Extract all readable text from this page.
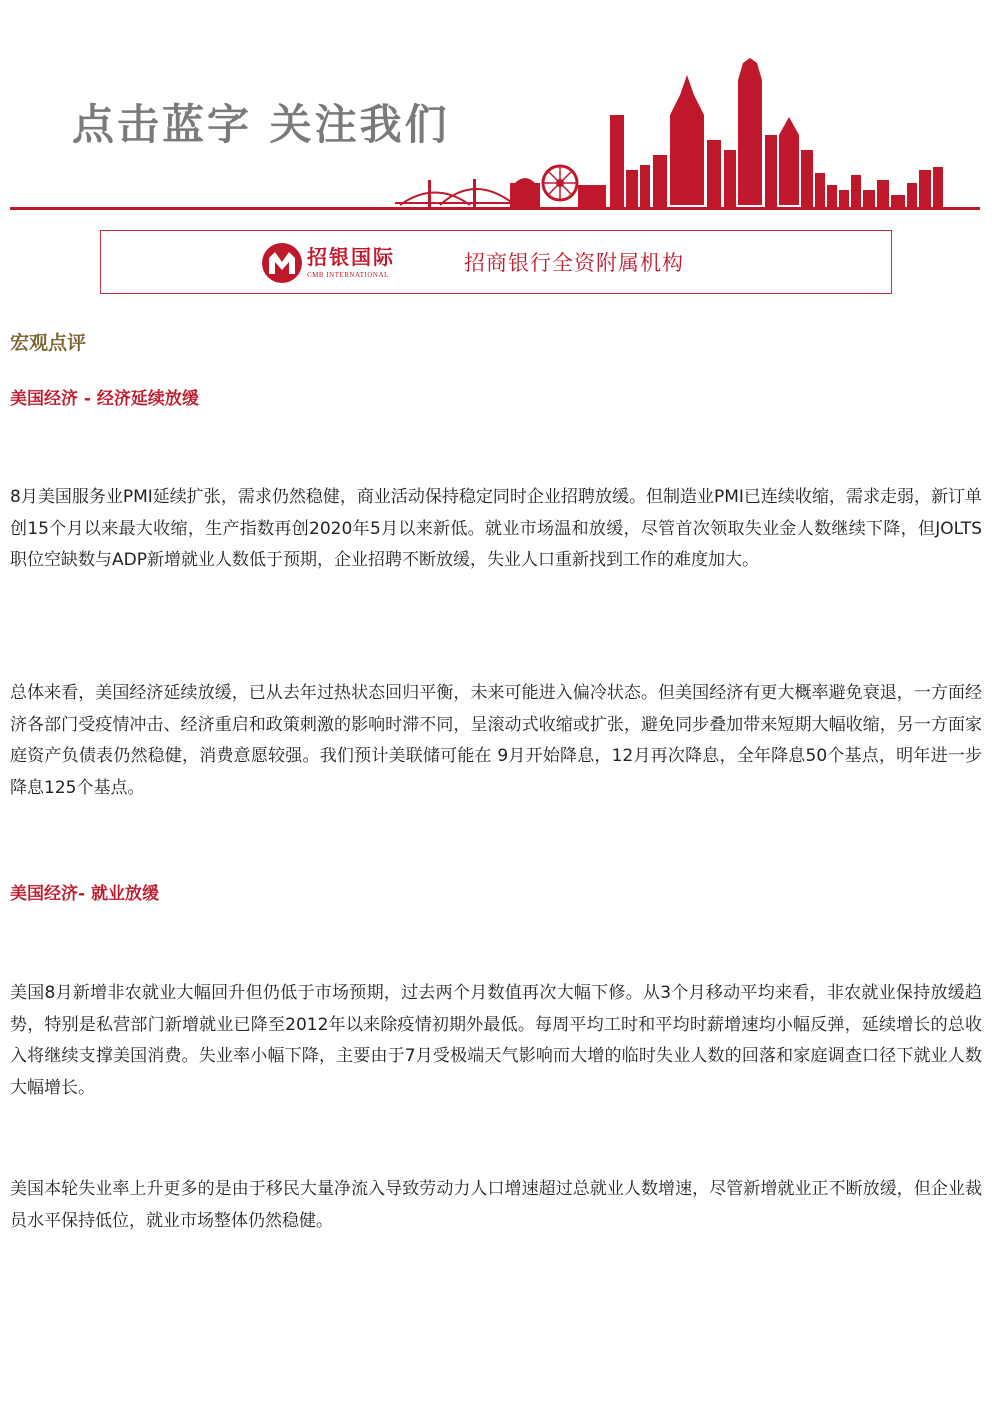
点击蓝字 关注我们
招银国际
CMB INTERNATIONAL	招商银行全资附属机构
宏观点评
美国经济 - 经济延续放缓

8月美国服务业PMI延续扩张，需求仍然稳健，商业活动保持稳定同时企业招聘放缓。但制造业PMI已连续收缩，需求走弱，新订单创15个月以来最大收缩，生产指数再创2020年5月以来新低。就业市场温和放缓，尽管首次领取失业金人数继续下降，但JOLTS职位空缺数与ADP新增就业人数低于预期，企业招聘不断放缓，失业人口重新找到工作的难度加大。

总体来看，美国经济延续放缓，已从去年过热状态回归平衡，未来可能进入偏冷状态。但美国经济有更大概率避免衰退，一方面经济各部门受疫情冲击、经济重启和政策刺激的影响时滞不同，呈滚动式收缩或扩张，避免同步叠加带来短期大幅收缩，另一方面家庭资产负债表仍然稳健，消费意愿较强。我们预计美联储可能在 9月开始降息，12月再次降息，全年降息50个基点，明年进一步降息125个基点。

美国经济- 就业放缓

美国8月新增非农就业大幅回升但仍低于市场预期，过去两个月数值再次大幅下修。从3个月移动平均来看，非农就业保持放缓趋势，特别是私营部门新增就业已降至2012年以来除疫情初期外最低。每周平均工时和平均时薪增速均小幅反弹，延续增长的总收入将继续支撑美国消费。失业率小幅下降，主要由于7月受极端天气影响而大增的临时失业人数的回落和家庭调查口径下就业人数大幅增长。

美国本轮失业率上升更多的是由于移民大量净流入导致劳动力人口增速超过总就业人数增速，尽管新增就业正不断放缓，但企业裁员水平保持低位，就业市场整体仍然稳健。
